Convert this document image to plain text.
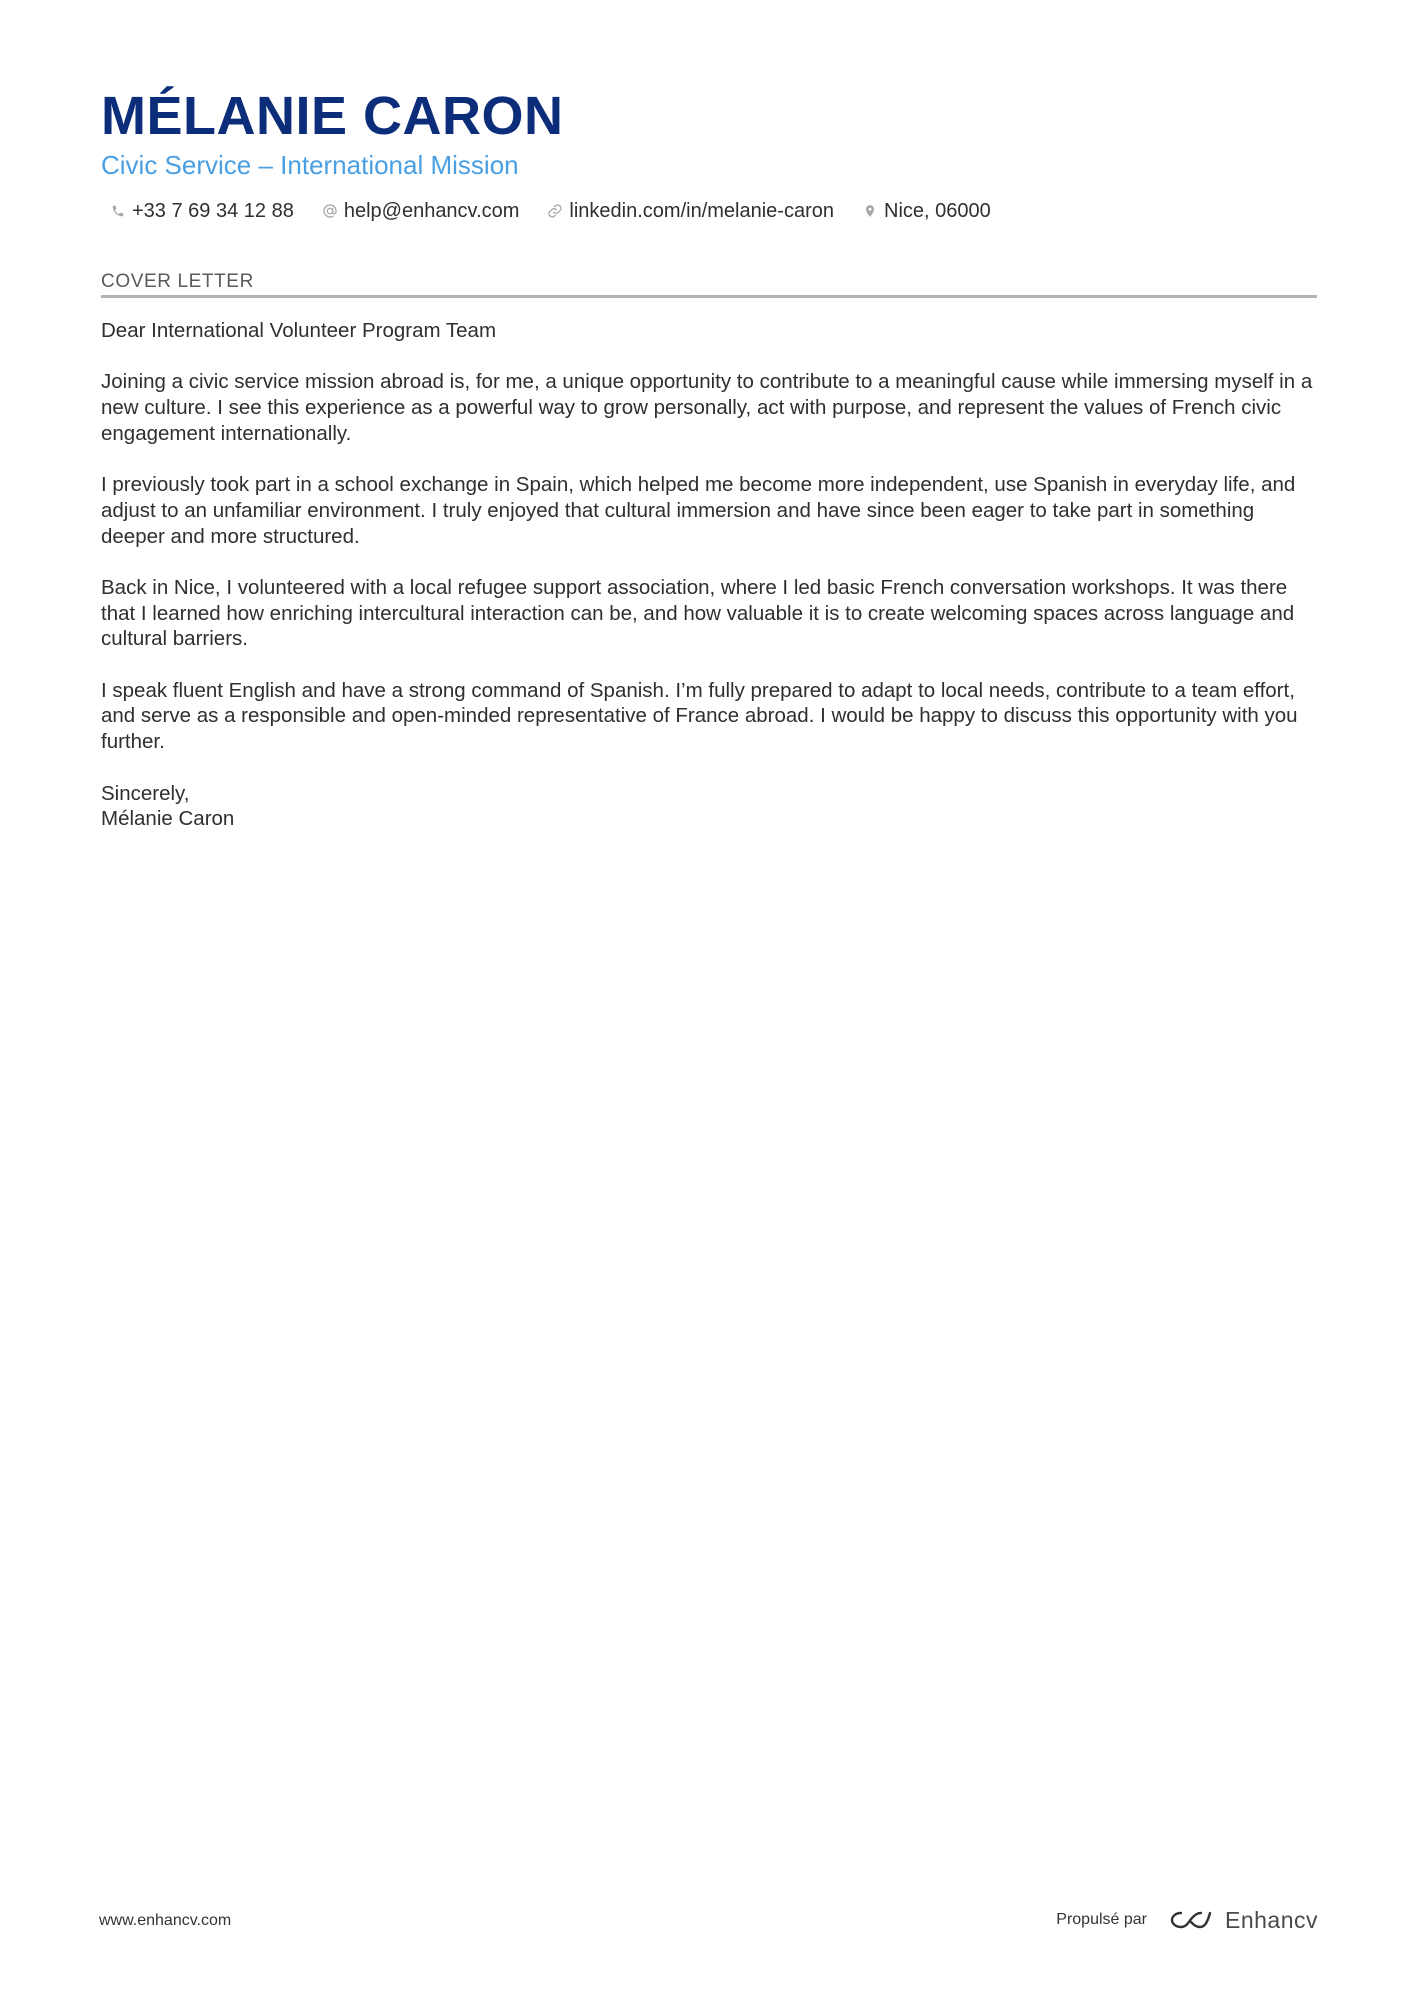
MÉLANIE CARON
Civic Service – International Mission
+33 7 69 34 12 88	help@enhancv.com	linkedin.com/in/melanie-caron	Nice, 06000
COVER LETTER

Dear International Volunteer Program Team

Joining a civic service mission abroad is, for me, a unique opportunity to contribute to a meaningful cause while immersing myself in a new culture. I see this experience as a powerful way to grow personally, act with purpose, and represent the values of French civic engagement internationally.

I previously took part in a school exchange in Spain, which helped me become more independent, use Spanish in everyday life, and adjust to an unfamiliar environment. I truly enjoyed that cultural immersion and have since been eager to take part in something deeper and more structured.

Back in Nice, I volunteered with a local refugee support association, where I led basic French conversation workshops. It was there that I learned how enriching intercultural interaction can be, and how valuable it is to create welcoming spaces across language and cultural barriers.

I speak fluent English and have a strong command of Spanish. I’m fully prepared to adapt to local needs, contribute to a team effort, and serve as a responsible and open-minded representative of France abroad. I would be happy to discuss this opportunity with you further.

Sincerely,
Mélanie Caron
www.enhancv.com	Propulsé par	Enhancv
